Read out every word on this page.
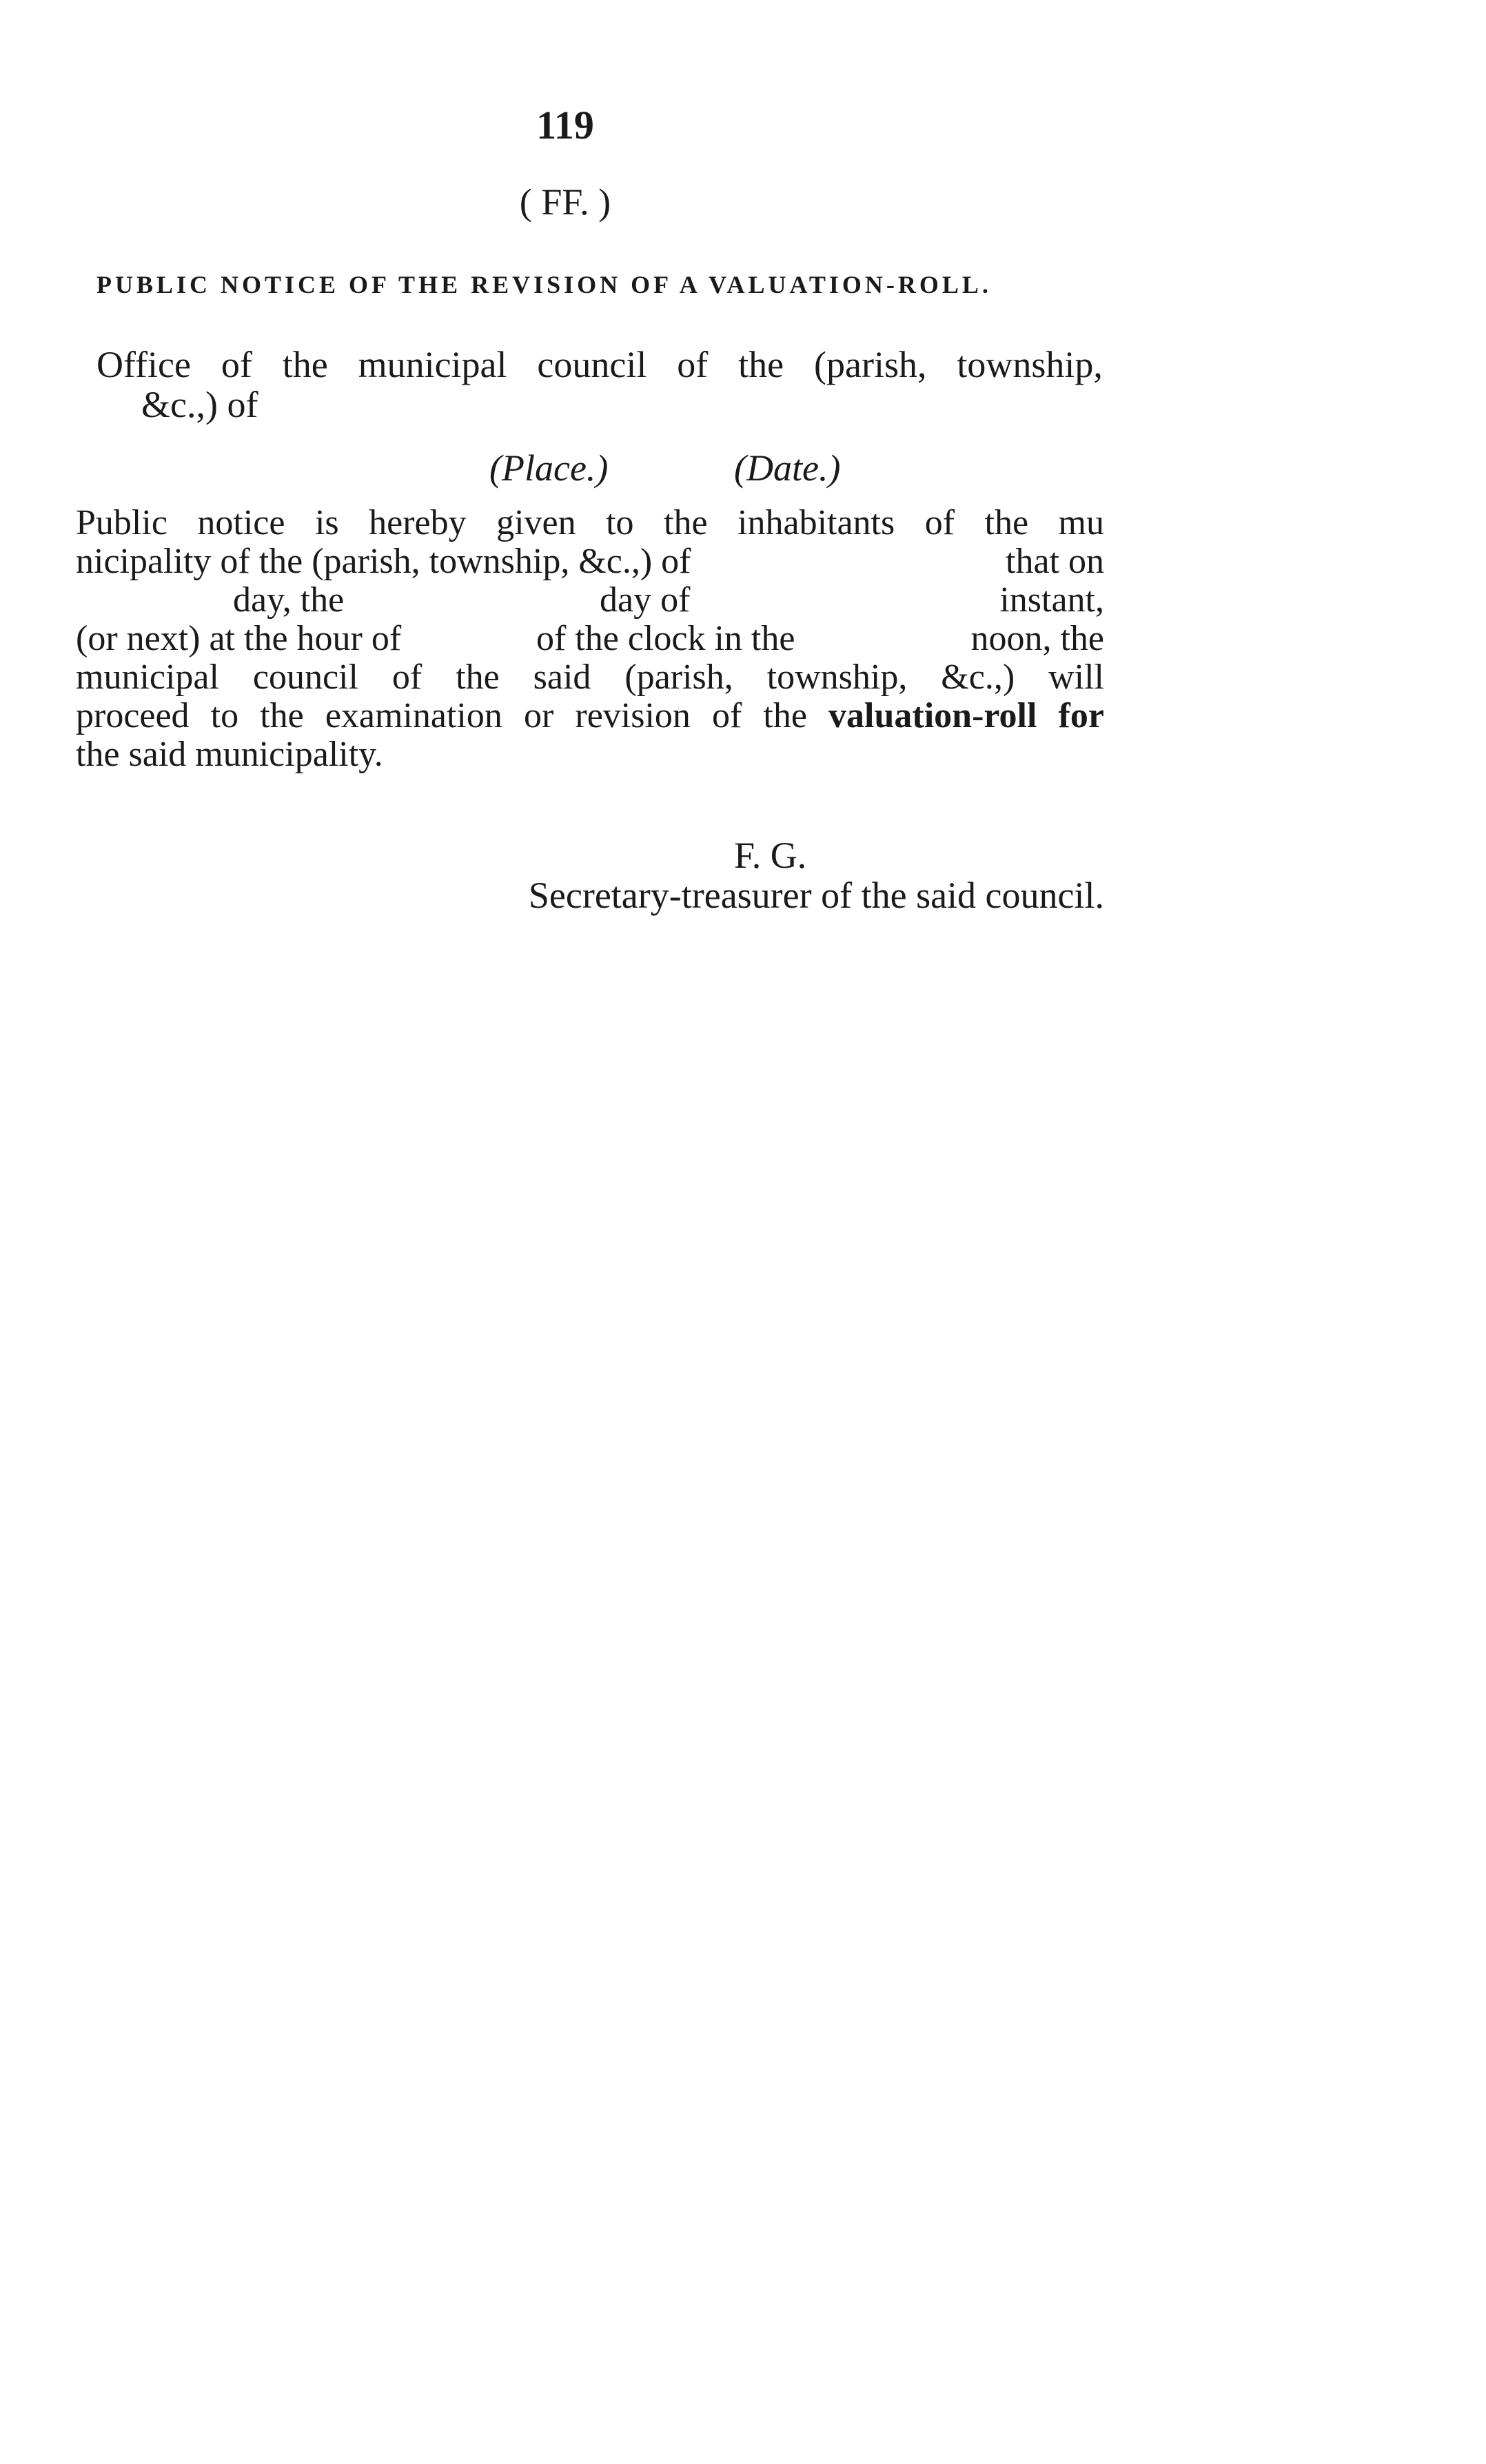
119
( FF. )
PUBLIC NOTICE OF THE REVISION OF A VALUATION-ROLL.
Office of the municipal council of the (parish, township,
&c.,) of
(Place.)	(Date.)
Public notice is hereby given to the inhabitants of the mu
nicipality of the (parish, township, &c.,) of	that on
day, the	day of	instant,
(or next) at the hour of	of the clock in the	noon, the
municipal council of the said (parish, township, &c.,) will
proceed to the examination or revision of the valuation-roll for
the said municipality.
F. G.
Secretary-treasurer of the said council.
